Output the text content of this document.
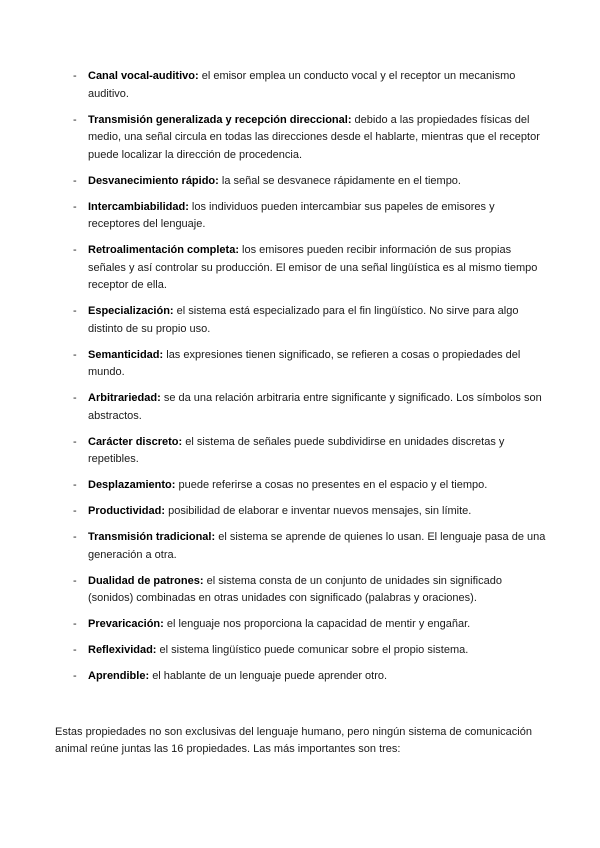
-	Canal vocal-auditivo: el emisor emplea un conducto vocal y el receptor un mecanismo auditivo.

-	Transmisión generalizada y recepción direccional: debido a las propiedades físicas del medio, una señal circula en todas las direcciones desde el hablarte, mientras que el receptor puede localizar la dirección de procedencia.

-	Desvanecimiento rápido: la señal se desvanece rápidamente en el tiempo.

-	Intercambiabilidad: los individuos pueden intercambiar sus papeles de emisores y receptores del lenguaje.

-	Retroalimentación completa: los emisores pueden recibir información de sus propias señales y así controlar su producción. El emisor de una señal lingüística es al mismo tiempo receptor de ella.

-	Especialización: el sistema está especializado para el fin lingüístico. No sirve para algo distinto de su propio uso.

-	Semanticidad: las expresiones tienen significado, se refieren a cosas o propiedades del mundo.

-	Arbitrariedad: se da una relación arbitraria entre significante y significado. Los símbolos son abstractos.

-	Carácter discreto: el sistema de señales puede subdividirse en unidades discretas y repetibles.

-	Desplazamiento: puede referirse a cosas no presentes en el espacio y el tiempo.

-	Productividad: posibilidad de elaborar e inventar nuevos mensajes, sin límite.

-	Transmisión tradicional: el sistema se aprende de quienes lo usan. El lenguaje pasa de una generación a otra.

-	Dualidad de patrones: el sistema consta de un conjunto de unidades sin significado (sonidos) combinadas en otras unidades con significado (palabras y oraciones).

-	Prevaricación: el lenguaje nos proporciona la capacidad de mentir y engañar.

-	Reflexividad: el sistema lingüístico puede comunicar sobre el propio sistema.

-	Aprendible: el hablante de un lenguaje puede aprender otro.

Estas propiedades no son exclusivas del lenguaje humano, pero ningún sistema de comunicación animal reúne juntas las 16 propiedades. Las más importantes son tres:
